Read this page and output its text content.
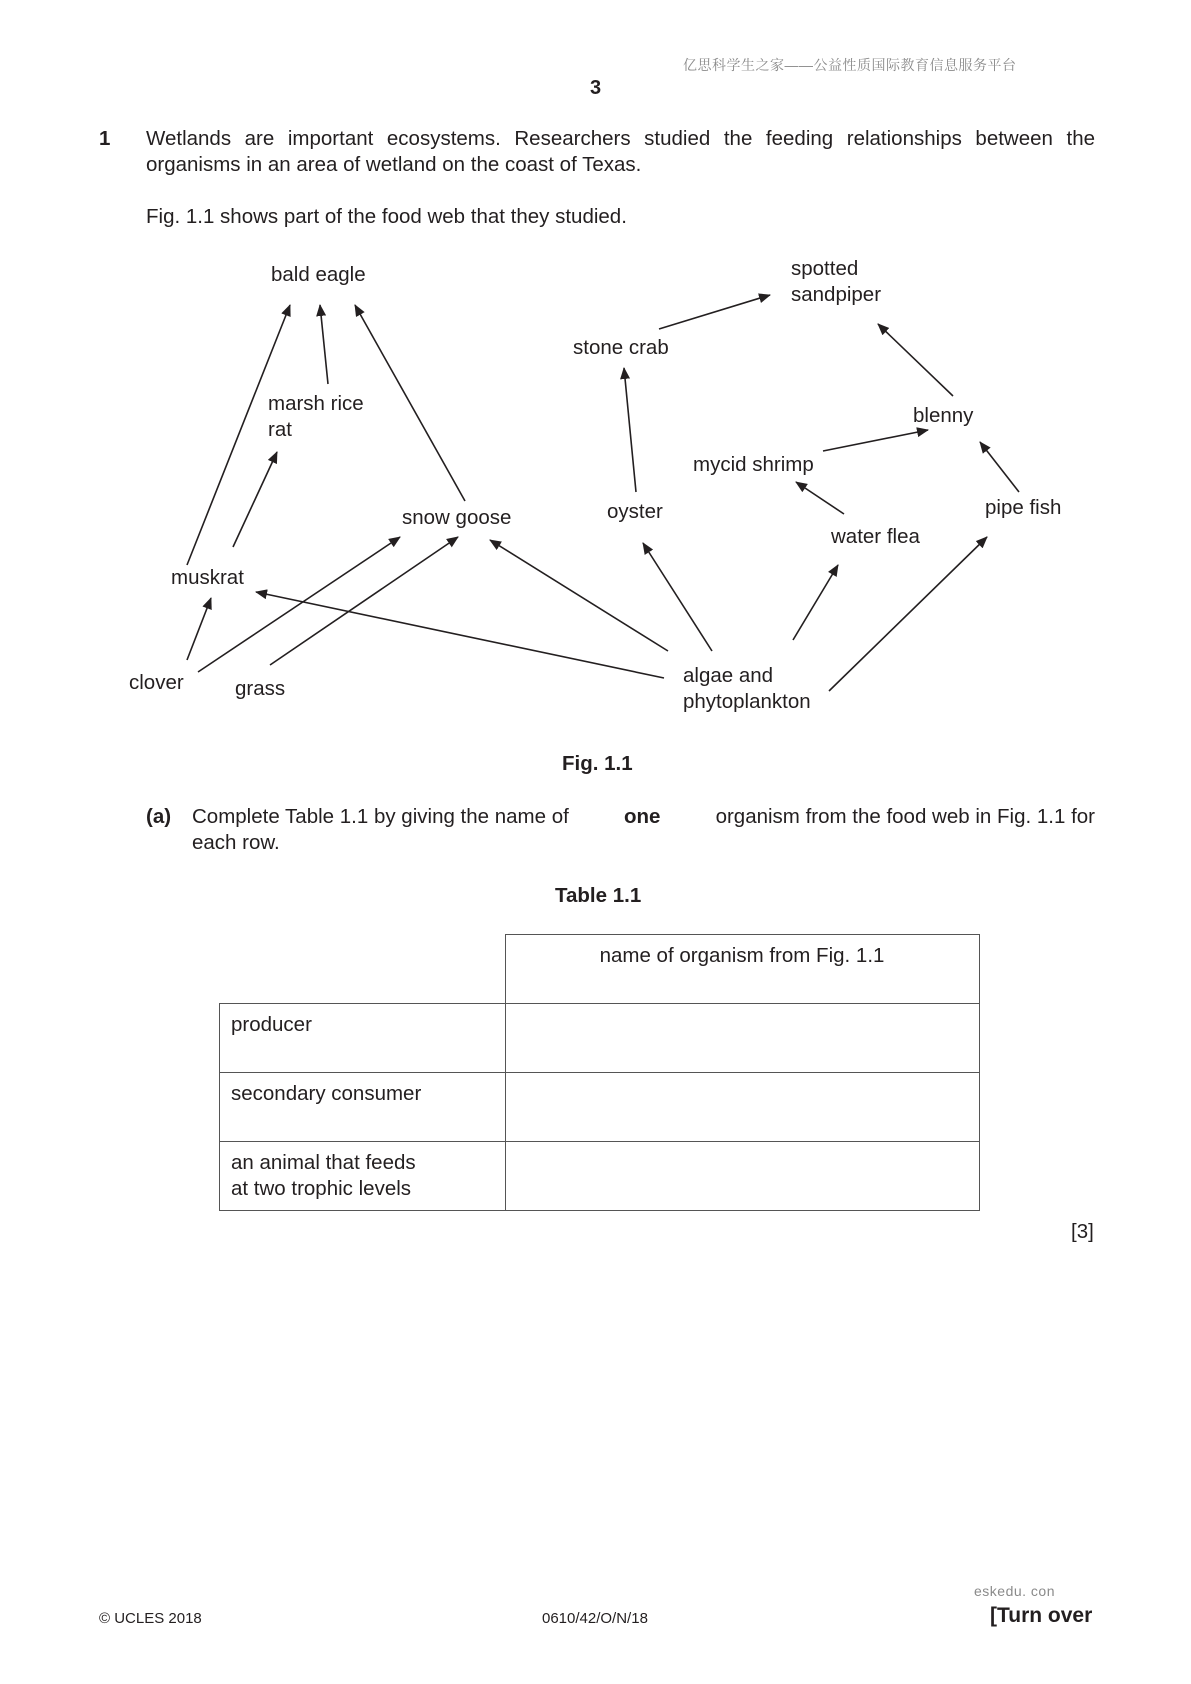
亿思科学生之家——公益性质国际教育信息服务平台
3
1 Wetlands are important ecosystems. Researchers studied the feeding relationships between the
organisms in an area of wetland on the coast of Texas.
Fig. 1.1 shows part of the food web that they studied.
bald eagle
marsh rice
rat
snow goose
muskrat
clover	grass
spotted
sandpiper
stone crab
blenny
mycid shrimp
oyster	pipe fish
water flea
algae and
phytoplankton
Fig. 1.1
(a) Complete Table 1.1 by giving the name of	one	organism from the food web in Fig. 1.1 for
each row.
Table 1.1
	name of organism from Fig. 1.1
producer	
secondary consumer	
an animal that feeds
at two trophic levels	
[3]
eskedu. con
© UCLES 2018	0610/42/O/N/18	[Turn over
